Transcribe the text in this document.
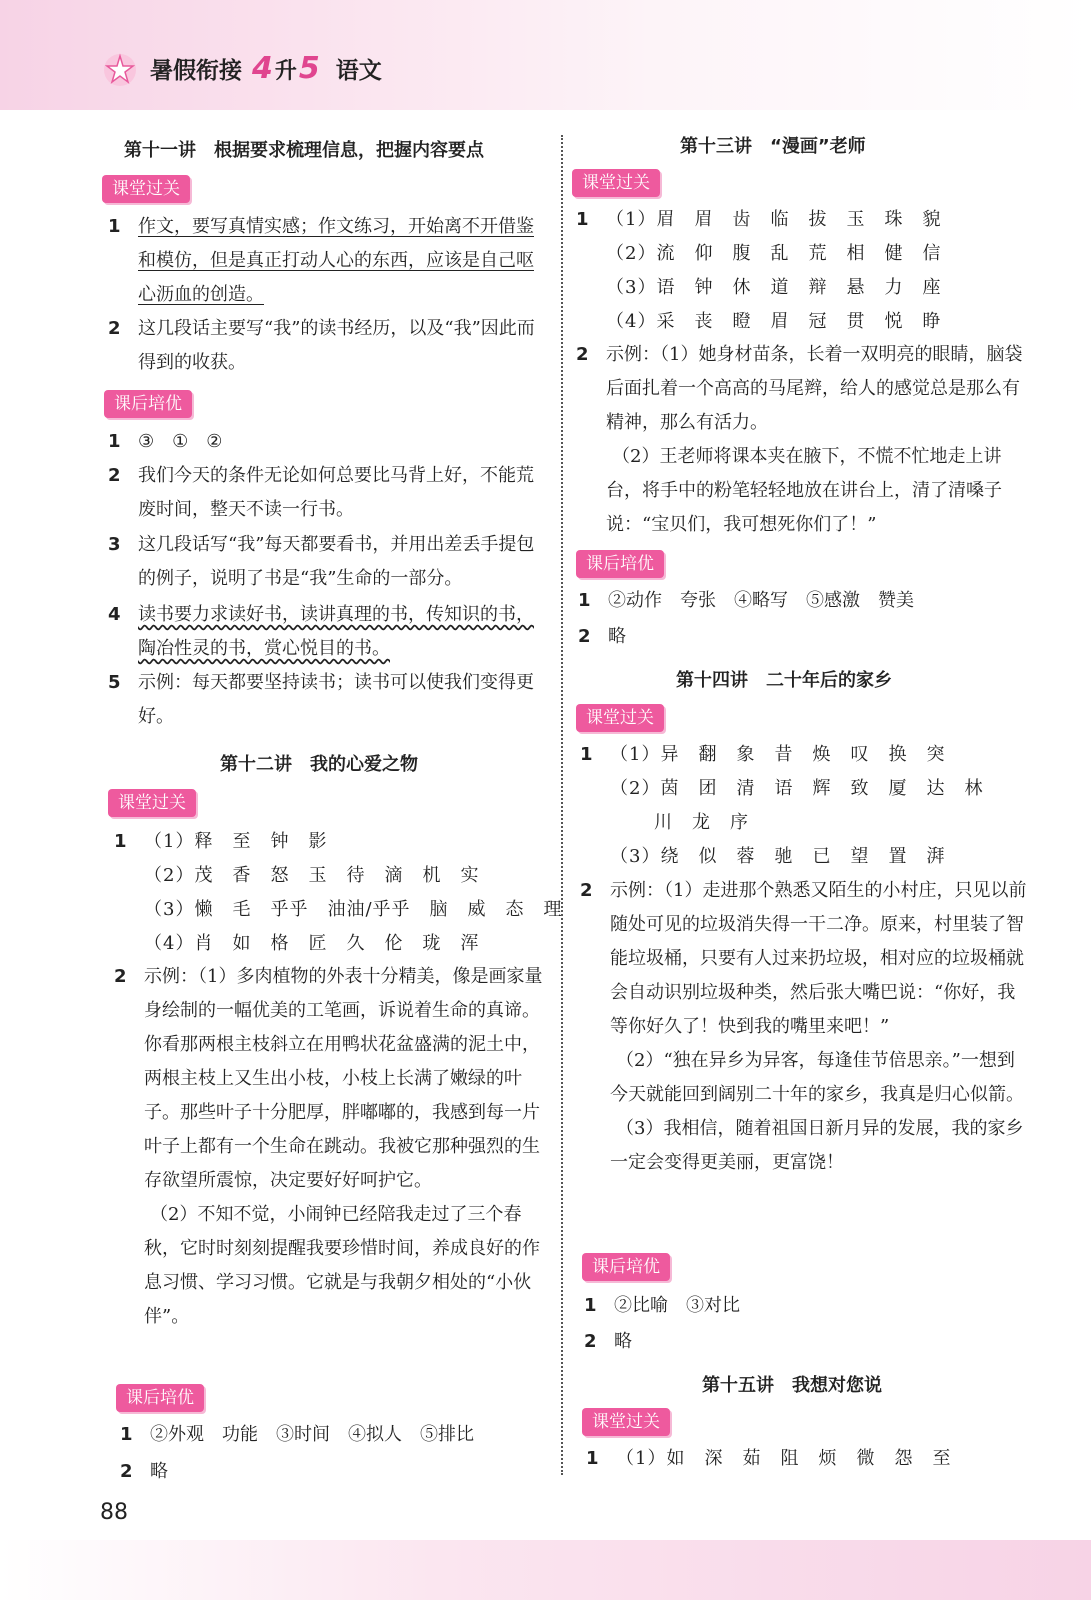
暑假衔接 4升5 语文
第十一讲　根据要求梳理信息，把握内容要点
课堂过关
1 作文，要写真情实感；作文练习，开始离不开借鉴和模仿，但是真正打动人心的东西，应该是自己呕心沥血的创造。
2 这几段话主要写“我”的读书经历，以及“我”因此而得到的收获。
课后培优
1 ③　①　②
2 我们今天的条件无论如何总要比马背上好，不能荒废时间，整天不读一行书。
3 这几段话写“我”每天都要看书，并用出差丢手提包的例子，说明了书是“我”生命的一部分。
4 读书要力求读好书，读讲真理的书，传知识的书，陶冶性灵的书，赏心悦目的书。
5 示例：每天都要坚持读书；读书可以使我们变得更好。
第十二讲　我的心爱之物
课堂过关
1 （1）释　至　钟　影
（2）茂　香　怒　玉　待　滴　机　实
（3）懒　毛　乎乎　油油/乎乎　脑　威　态　理
（4）肖　如　格　匠　久　伦　珑　浑
2 示例：（1）多肉植物的外表十分精美，像是画家量身绘制的一幅优美的工笔画，诉说着生命的真谛。你看那两根主枝斜立在用鸭状花盆盛满的泥土中，两根主枝上又生出小枝，小枝上长满了嫩绿的叶子。那些叶子十分肥厚，胖嘟嘟的，我感到每一片叶子上都有一个生命在跳动。我被它那种强烈的生存欲望所震惊，决定要好好呵护它。
（2）不知不觉，小闹钟已经陪我走过了三个春秋，它时时刻刻提醒我要珍惜时间，养成良好的作息习惯、学习习惯。它就是与我朝夕相处的“小伙伴”。
课后培优
1 ②外观　功能　③时间　④拟人　⑤排比
2 略
第十三讲　“漫画”老师
课堂过关
1 （1）眉　眉　齿　临　拔　玉　珠　貌
（2）流　仰　腹　乱　荒　相　健　信
（3）语　钟　休　道　辩　悬　力　座
（4）采　丧　瞪　眉　冠　贯　悦　睁
2 示例：（1）她身材苗条，长着一双明亮的眼睛，脑袋后面扎着一个高高的马尾辫，给人的感觉总是那么有精神，那么有活力。
（2）王老师将课本夹在腋下，不慌不忙地走上讲台，将手中的粉笔轻轻地放在讲台上，清了清嗓子说：“宝贝们，我可想死你们了！”
课后培优
1 ②动作　夸张　④略写　⑤感激　赞美
2 略
第十四讲　二十年后的家乡
课堂过关
1 （1）异　翻　象　昔　焕　叹　换　突
（2）茵　团　清　语　辉　致　厦　达　林
川　龙　序
（3）绕　似　蓉　驰　已　望　置　湃
2 示例：（1）走进那个熟悉又陌生的小村庄，只见以前随处可见的垃圾消失得一干二净。原来，村里装了智能垃圾桶，只要有人过来扔垃圾，相对应的垃圾桶就会自动识别垃圾种类，然后张大嘴巴说：“你好，我等你好久了！快到我的嘴里来吧！”
（2）“独在异乡为异客，每逢佳节倍思亲。”一想到今天就能回到阔别二十年的家乡，我真是归心似箭。
（3）我相信，随着祖国日新月异的发展，我的家乡一定会变得更美丽，更富饶！
课后培优
1 ②比喻　③对比
2 略
第十五讲　我想对您说
课堂过关
1 （1）如　深　茹　阻　烦　微　怨　至
88
